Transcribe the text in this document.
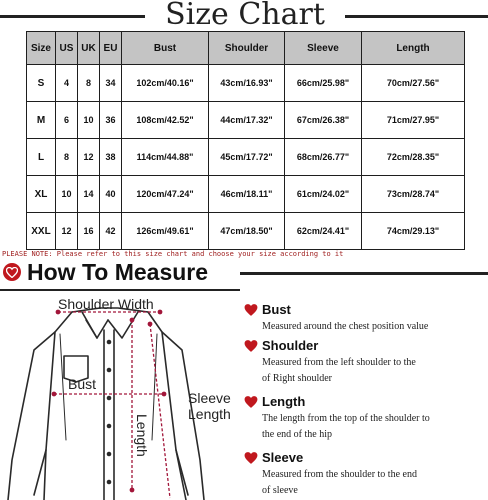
Size Chart
Size	US	UK	EU	Bust	Shoulder	Sleeve	Length
S	4	8	34	102cm/40.16"	43cm/16.93"	66cm/25.98"	70cm/27.56"
M	6	10	36	108cm/42.52"	44cm/17.32"	67cm/26.38"	71cm/27.95"
L	8	12	38	114cm/44.88"	45cm/17.72"	68cm/26.77"	72cm/28.35"
XL	10	14	40	120cm/47.24"	46cm/18.11"	61cm/24.02"	73cm/28.74"
XXL	12	16	42	126cm/49.61"	47cm/18.50"	62cm/24.41"	74cm/29.13"
PLEASE NOTE: Please refer to this size chart and choose your size according to it
How To Measure
Shoulder Width
Bust
Length
Sleeve
Length
Bust
Measured around the chest position value
Shoulder
Measured from the left shoulder to the
of Right shoulder
Length
The length from the top of the shoulder to
the end of the hip
Sleeve
Measured from the shoulder to the end
of sleeve
